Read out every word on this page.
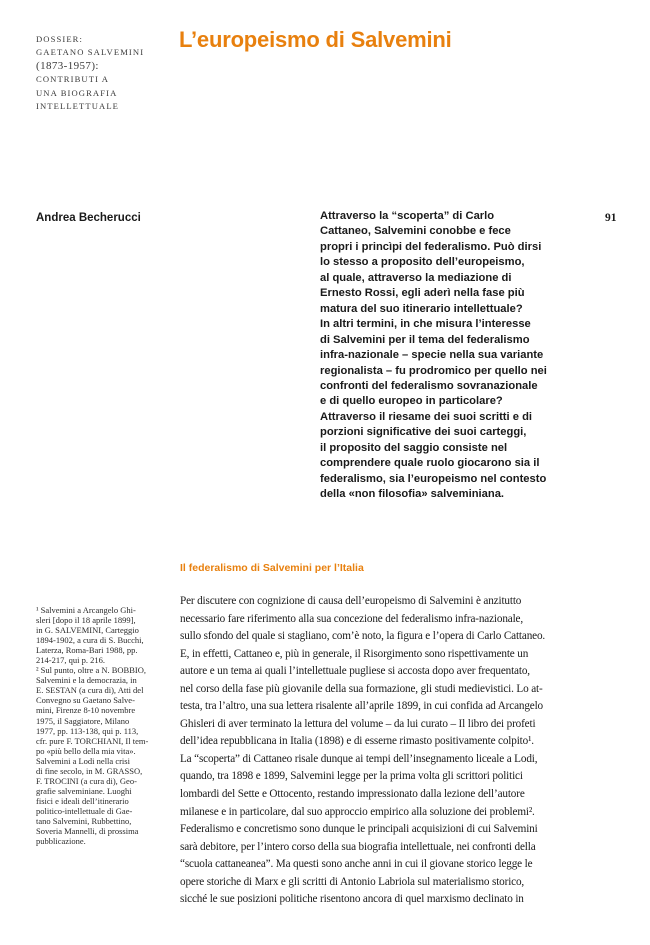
DOSSIER:
GAETANO SALVEMINI
(1873-1957):
CONTRIBUTI A
UNA BIOGRAFIA
INTELLETTUALE
L’europeismo di Salvemini
Andrea Becherucci	91
Attraverso la “scoperta” di Carlo
Cattaneo, Salvemini conobbe e fece
propri i princìpi del federalismo. Può dirsi
lo stesso a proposito dell’europeismo,
al quale, attraverso la mediazione di
Ernesto Rossi, egli aderì nella fase più
matura del suo itinerario intellettuale?
In altri termini, in che misura l’interesse
di Salvemini per il tema del federalismo
infra-nazionale – specie nella sua variante
regionalista – fu prodromico per quello nei
confronti del federalismo sovranazionale
e di quello europeo in particolare?
Attraverso il riesame dei suoi scritti e di
porzioni significative dei suoi carteggi,
il proposito del saggio consiste nel
comprendere quale ruolo giocarono sia il
federalismo, sia l’europeismo nel contesto
della «non filosofia» salveminiana.
Il federalismo di Salvemini per l’Italia
¹ Salvemini a Arcangelo Ghi-
sleri [dopo il 18 aprile 1899],
in G. SALVEMINI, Carteggio
1894-1902, a cura di S. Bucchi,
Laterza, Roma-Bari 1988, pp.
214-217, qui p. 216.
² Sul punto, oltre a N. BOBBIO,
Salvemini e la democrazia, in
E. SESTAN (a cura di), Atti del
Convegno su Gaetano Salve-
mini, Firenze 8-10 novembre
1975, il Saggiatore, Milano
1977, pp. 113-138, qui p. 113,
cfr. pure F. TORCHIANI, Il tem-
po «più bello della mia vita».
Salvemini a Lodi nella crisi
di fine secolo, in M. GRASSO,
F. TROCINI (a cura di), Geo-
grafie salveminiane. Luoghi
fisici e ideali dell’itinerario
politico-intellettuale di Gae-
tano Salvemini, Rubbettino,
Soveria Mannelli, di prossima
pubblicazione.
Per discutere con cognizione di causa dell’europeismo di Salvemini è anzitutto
necessario fare riferimento alla sua concezione del federalismo infra-nazionale,
sullo sfondo del quale si stagliano, com’è noto, la figura e l’opera di Carlo Cattaneo.
E, in effetti, Cattaneo e, più in generale, il Risorgimento sono rispettivamente un
autore e un tema ai quali l’intellettuale pugliese si accosta dopo aver frequentato,
nel corso della fase più giovanile della sua formazione, gli studi medievistici. Lo at-
testa, tra l’altro, una sua lettera risalente all’aprile 1899, in cui confida ad Arcangelo
Ghisleri di aver terminato la lettura del volume – da lui curato – Il libro dei profeti
dell’idea repubblicana in Italia (1898) e di esserne rimasto positivamente colpito¹.
La “scoperta” di Cattaneo risale dunque ai tempi dell’insegnamento liceale a Lodi,
quando, tra 1898 e 1899, Salvemini legge per la prima volta gli scrittori politici
lombardi del Sette e Ottocento, restando impressionato dalla lezione dell’autore
milanese e in particolare, dal suo approccio empirico alla soluzione dei problemi².
Federalismo e concretismo sono dunque le principali acquisizioni di cui Salvemini
sarà debitore, per l’intero corso della sua biografia intellettuale, nei confronti della
“scuola cattaneanea”. Ma questi sono anche anni in cui il giovane storico legge le
opere storiche di Marx e gli scritti di Antonio Labriola sul materialismo storico,
sicché le sue posizioni politiche risentono ancora di quel marxismo declinato in
